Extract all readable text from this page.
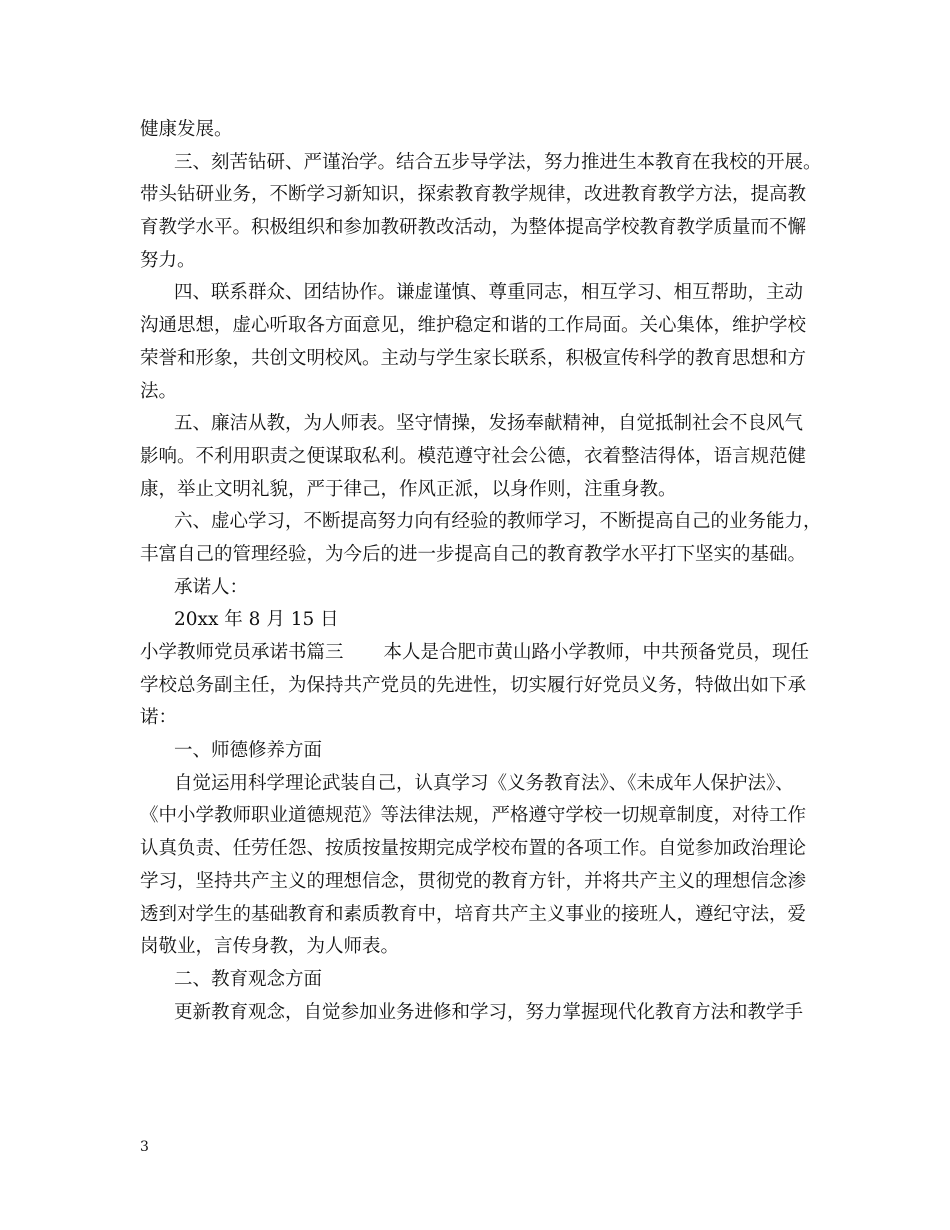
健康发展。
三、刻苦钻研、严谨治学。结合五步导学法，努力推进生本教育在我校的开展。
带头钻研业务，不断学习新知识，探索教育教学规律，改进教育教学方法，提高教
育教学水平。积极组织和参加教研教改活动，为整体提高学校教育教学质量而不懈
努力。
四、联系群众、团结协作。谦虚谨慎、尊重同志，相互学习、相互帮助，主动
沟通思想，虚心听取各方面意见，维护稳定和谐的工作局面。关心集体，维护学校
荣誉和形象，共创文明校风。主动与学生家长联系，积极宣传科学的教育思想和方
法。
五、廉洁从教，为人师表。坚守情操，发扬奉献精神，自觉抵制社会不良风气
影响。不利用职责之便谋取私利。模范遵守社会公德，衣着整洁得体，语言规范健
康，举止文明礼貌，严于律己，作风正派，以身作则，注重身教。
六、虚心学习，不断提高努力向有经验的教师学习，不断提高自己的业务能力，
丰富自己的管理经验，为今后的进一步提高自己的教育教学水平打下坚实的基础。
承诺人：
20xx 年 8 月 15 日
小学教师党员承诺书篇三 本人是合肥市黄山路小学教师，中共预备党员，现任
学校总务副主任，为保持共产党员的先进性，切实履行好党员义务，特做出如下承
诺：
一、师德修养方面
自觉运用科学理论武装自己，认真学习《义务教育法》、《未成年人保护法》、
《中小学教师职业道德规范》等法律法规，严格遵守学校一切规章制度，对待工作
认真负责、任劳任怨、按质按量按期完成学校布置的各项工作。自觉参加政治理论
学习，坚持共产主义的理想信念，贯彻党的教育方针，并将共产主义的理想信念渗
透到对学生的基础教育和素质教育中，培育共产主义事业的接班人，遵纪守法，爱
岗敬业，言传身教，为人师表。
二、教育观念方面
更新教育观念，自觉参加业务进修和学习，努力掌握现代化教育方法和教学手
3
